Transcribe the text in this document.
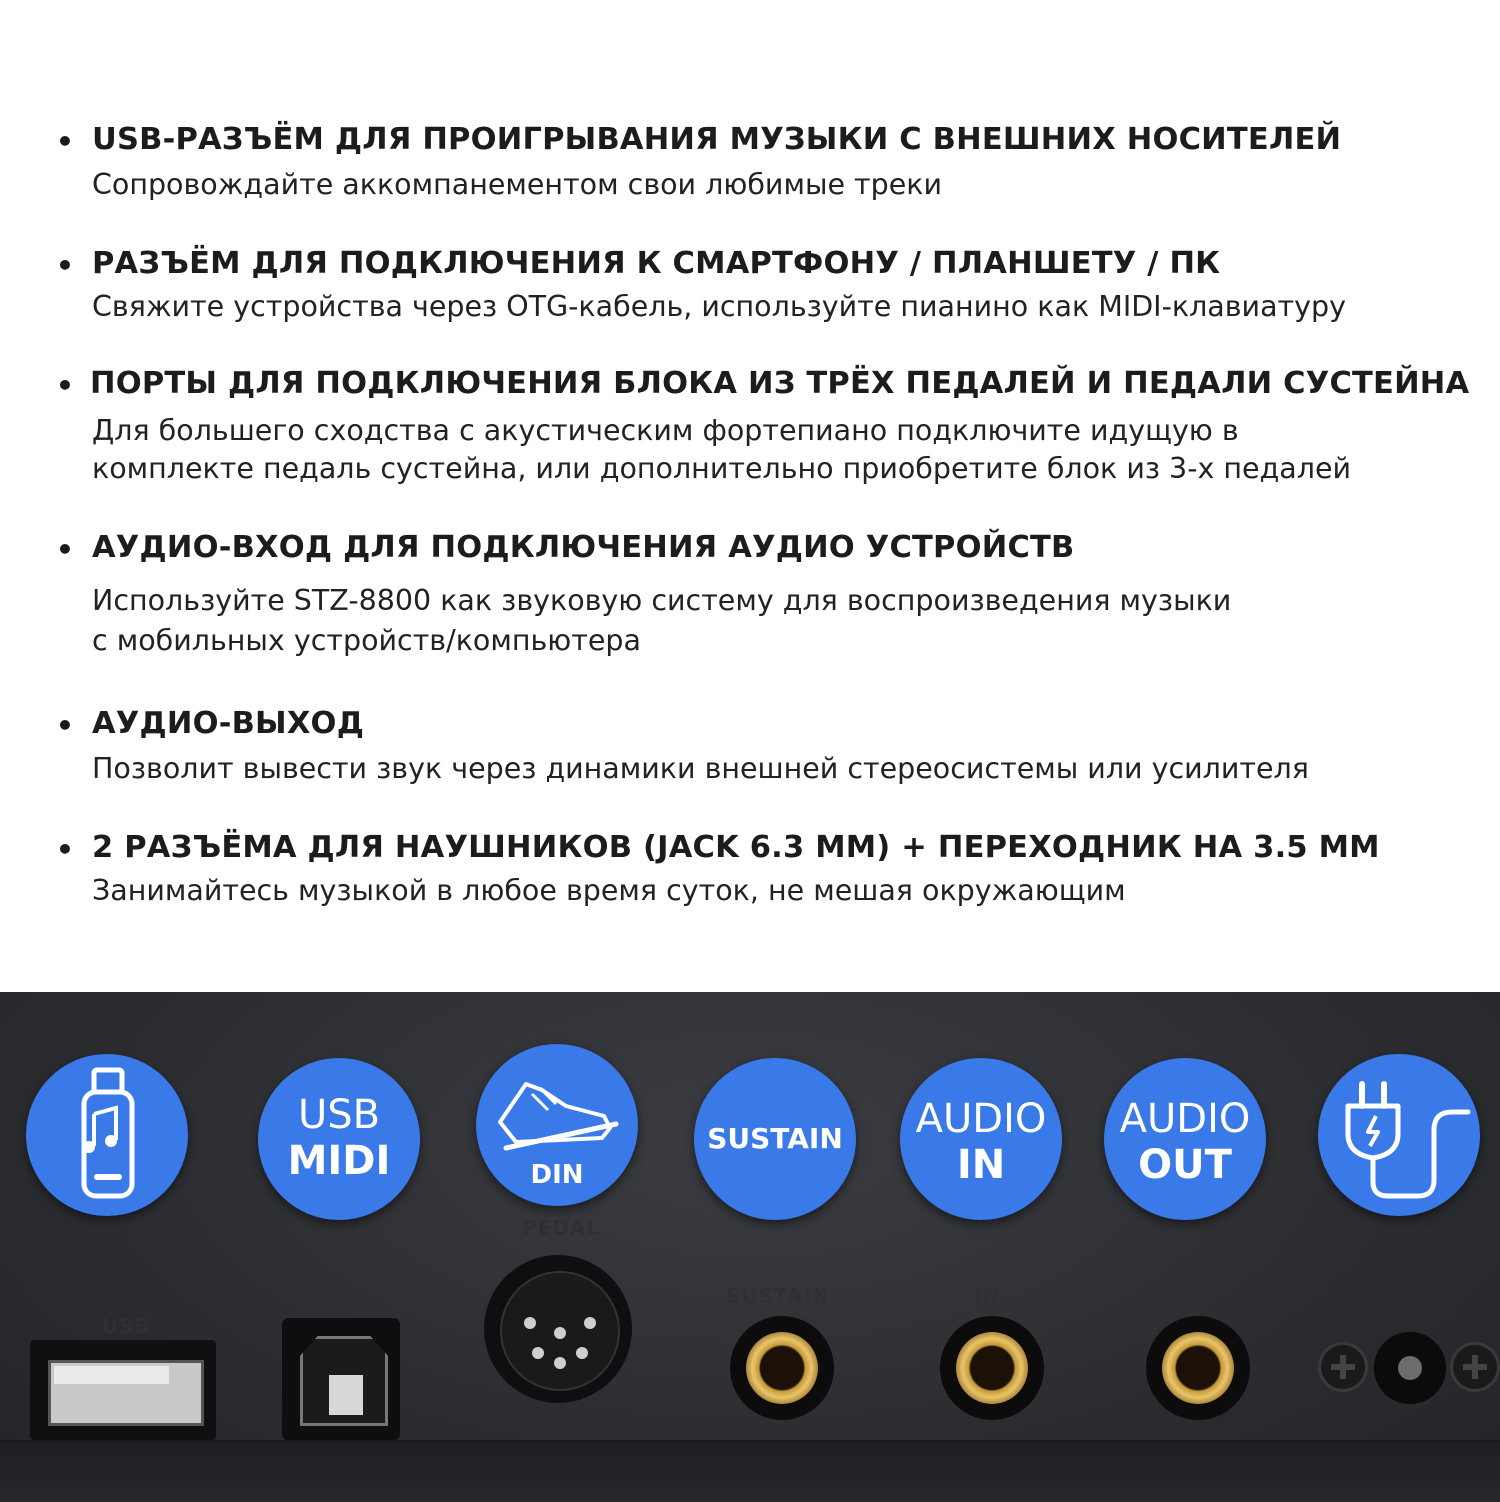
• USB-РАЗЪЁМ ДЛЯ ПРОИГРЫВАНИЯ МУЗЫКИ С ВНЕШНИХ НОСИТЕЛЕЙ
Сопровождайте аккомпанементом свои любимые треки
• РАЗЪЁМ ДЛЯ ПОДКЛЮЧЕНИЯ К СМАРТФОНУ / ПЛАНШЕТУ / ПК
Свяжите устройства через OTG-кабель, используйте пианино как MIDI-клавиатуру
• ПОРТЫ ДЛЯ ПОДКЛЮЧЕНИЯ БЛОКА ИЗ ТРЁХ ПЕДАЛЕЙ И ПЕДАЛИ СУСТЕЙНА
Для большего сходства с акустическим фортепиано подключите идущую в
комплекте педаль сустейна, или дополнительно приобретите блок из 3-х педалей
• АУДИО-ВХОД ДЛЯ ПОДКЛЮЧЕНИЯ АУДИО УСТРОЙСТВ
Используйте STZ-8800 как звуковую систему для воспроизведения музыки
с мобильных устройств/компьютера
• АУДИО-ВЫХОД
Позволит вывести звук через динамики внешней стереосистемы или усилителя
• 2 РАЗЪЁМА ДЛЯ НАУШНИКОВ (JACK 6.3 ММ) + ПЕРЕХОДНИК НА 3.5 ММ
Занимайтесь музыкой в любое время суток, не мешая окружающим
USB
USB
PEDAL
SUSTAIN	IN	OUT
USB
MIDI	DIN
SUSTAIN	AUDIO
IN
AUDIO
OUT
